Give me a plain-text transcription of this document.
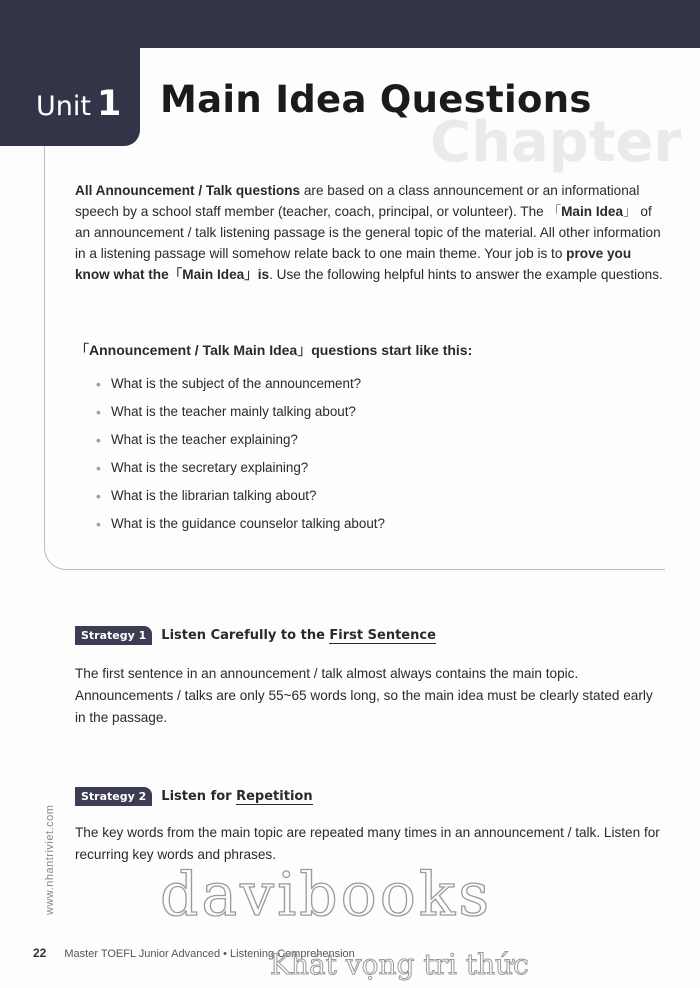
Chapter
Unit 1 Main Idea Questions

All Announcement / Talk questions are based on a class announcement or an informational speech by a school staff member (teacher, coach, principal, or volunteer). The 「Main Idea」 of an announcement / talk listening passage is the general topic of the material. All other information in a listening passage will somehow relate back to one main theme. Your job is to prove you know what the「Main Idea」is. Use the following helpful hints to answer the example questions.

「Announcement / Talk Main Idea」questions start like this:
• What is the subject of the announcement?
• What is the teacher mainly talking about?
• What is the teacher explaining?
• What is the secretary explaining?
• What is the librarian talking about?
• What is the guidance counselor talking about?
Strategy 1	Listen Carefully to the First Sentence

The first sentence in an announcement / talk almost always contains the main topic. Announcements / talks are only 55~65 words long, so the main idea must be clearly stated early in the passage.

Strategy 2	Listen for Repetition

The key words from the main topic are repeated many times in an announcement / talk. Listen for recurring key words and phrases.

www.nhantriviet.com
22 Master TOEFL Junior Advanced • Listening Comprehension
davibooks
Khát vọng tri thức
